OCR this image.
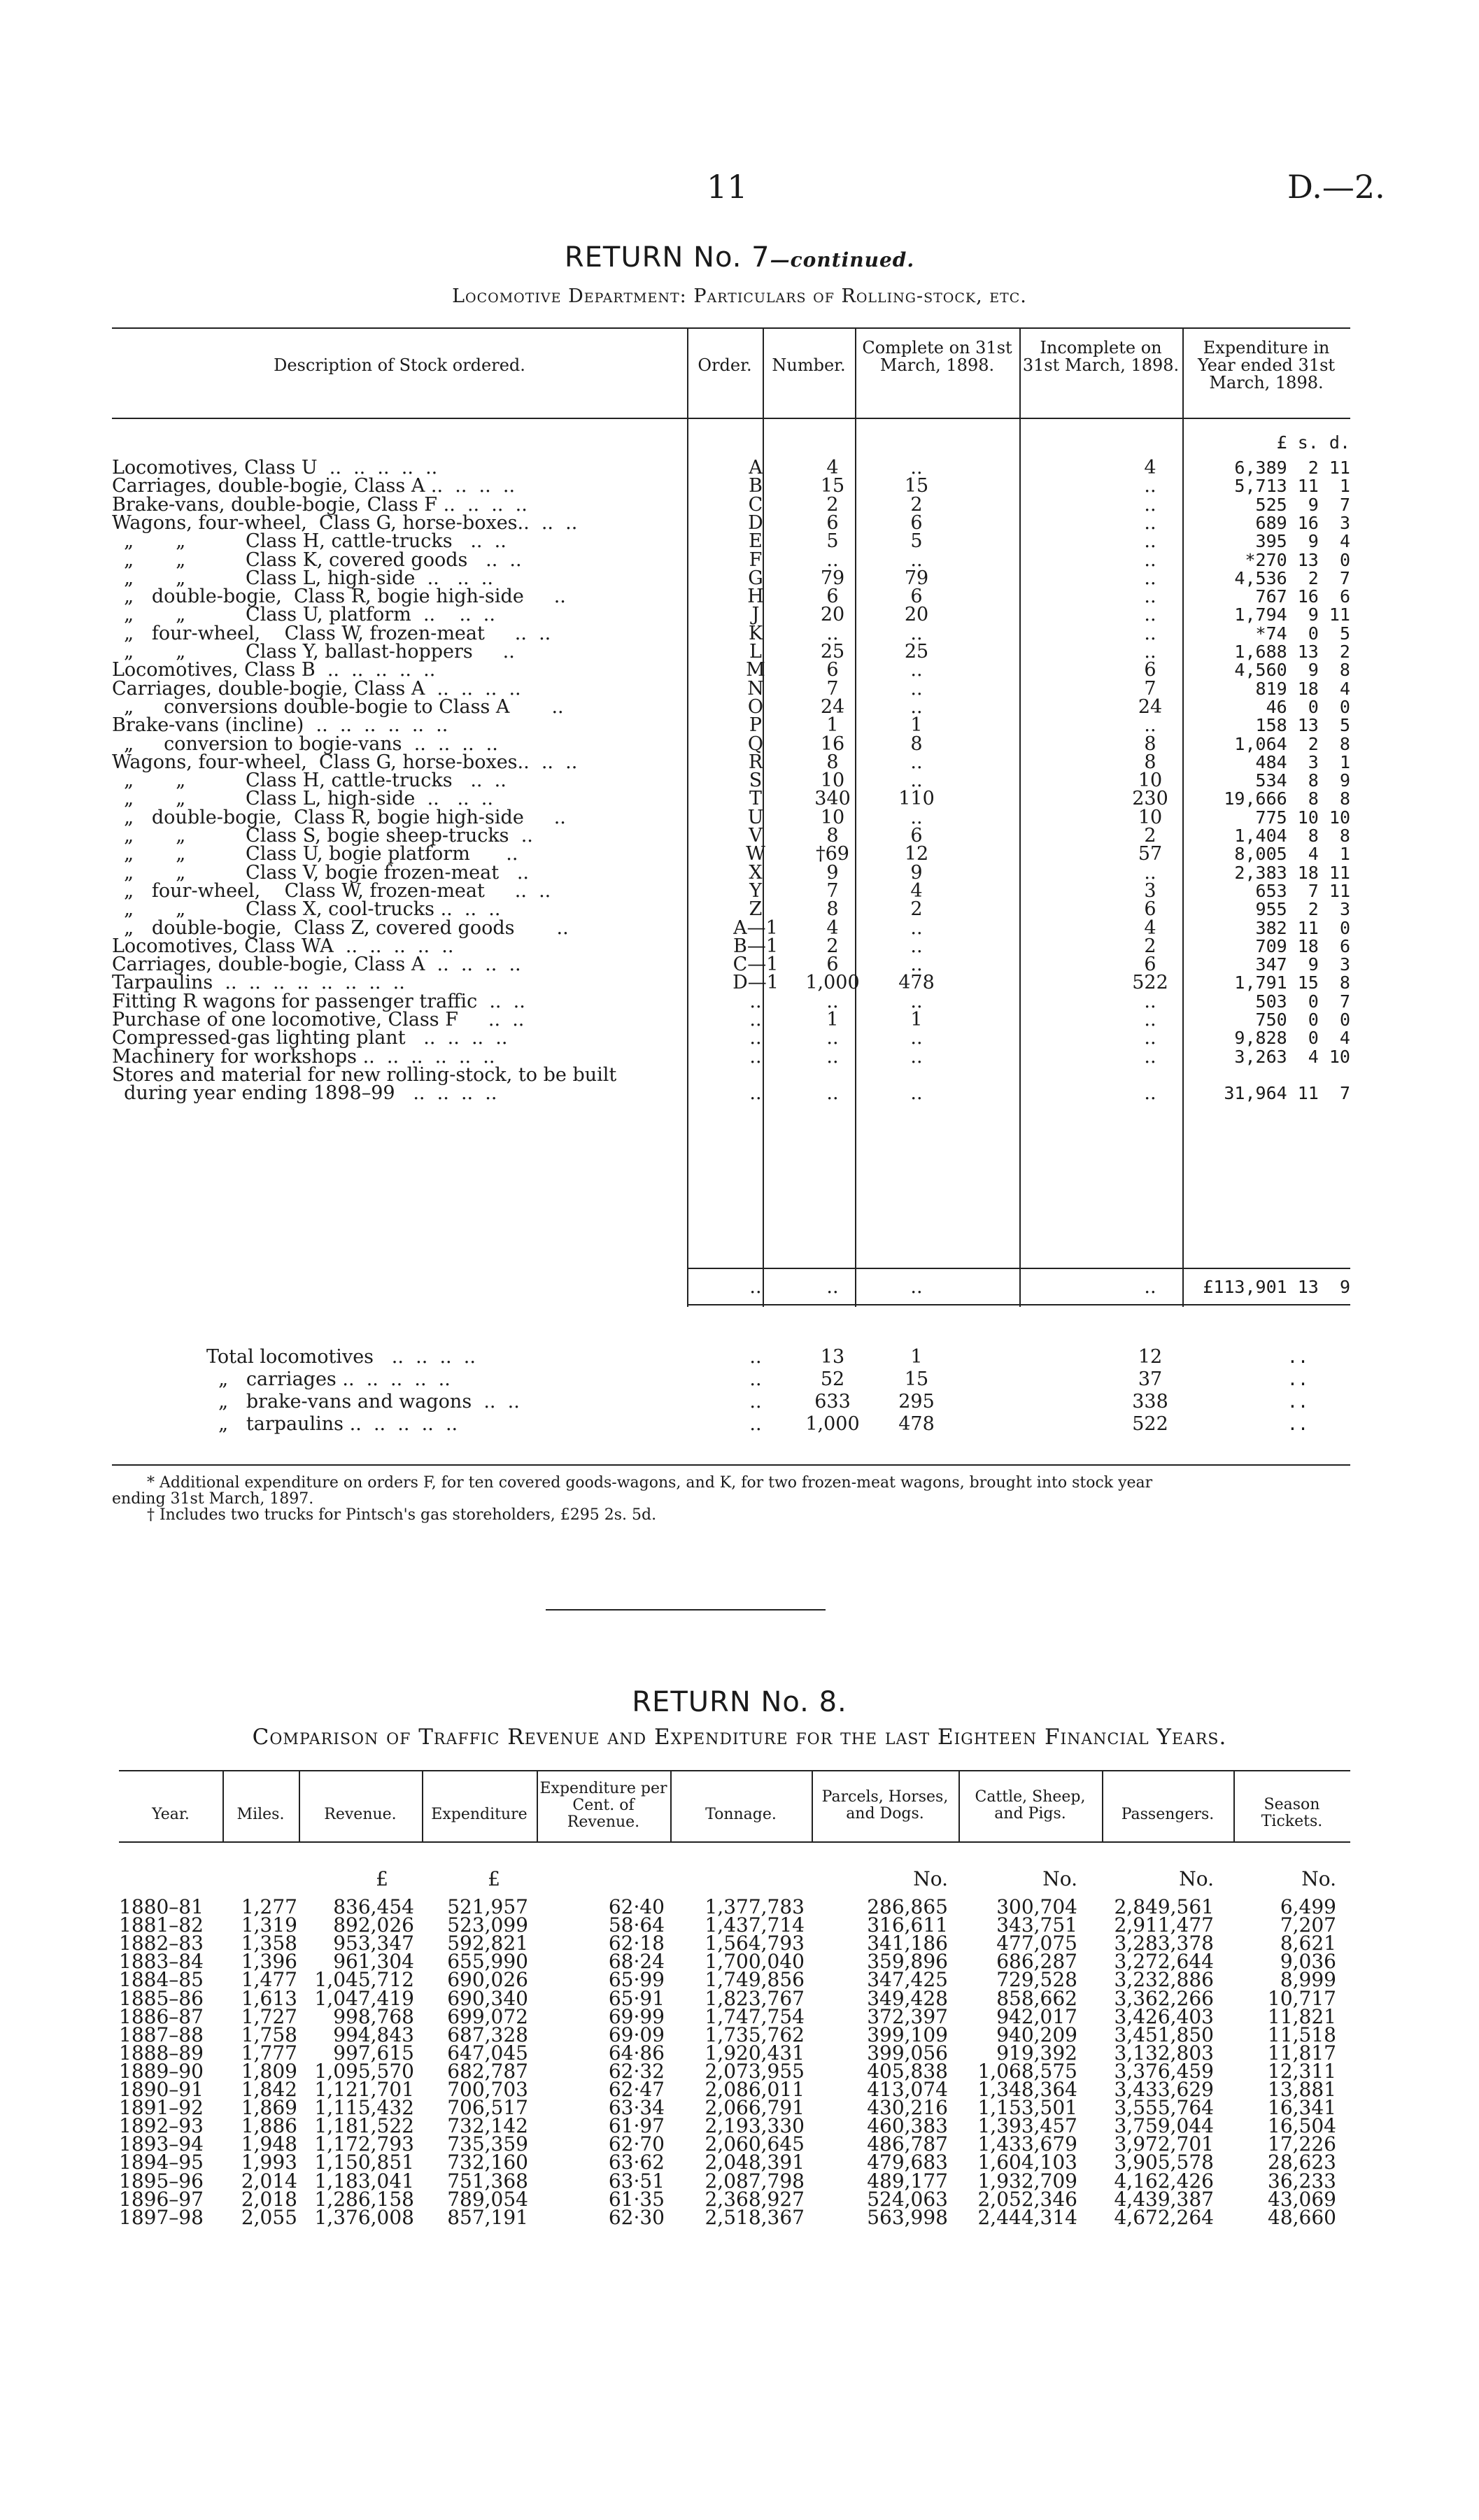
11	D.—2.
RETURN No. 7—continued.
Locomotive Department: Particulars of Rolling-stock, etc.
Description of Stock ordered.	Order.	Number.
Complete on 31st March, 1898.
Incomplete on 31st March, 1898.
Expenditure in Year ended 31st March, 1898.
£ s. d.
Locomotives, Class U  ..  ..  ..  ..  ..	A	4	..	4	6,389  2 11
Carriages, double-bogie, Class A ..  ..  ..  ..	B	15	15	..	5,713 11  1
Brake-vans, double-bogie, Class F ..  ..  ..  ..	C	2	2	..	525  9  7
Wagons, four-wheel,  Class G, horse-boxes..  ..  ..	D	6	6	..	689 16  3
„       „          Class H, cattle-trucks   ..  ..	E	5	5	..	395  9  4
„       „          Class K, covered goods   ..  ..	F	..	..	..	*270 13  0
„       „          Class L, high-side  ..   ..  ..	G	79	79	..	4,536  2  7
„   double-bogie,  Class R, bogie high-side     ..	H	6	6	..	767 16  6
„       „          Class U, platform  ..    ..  ..	J	20	20	..	1,794  9 11
„   four-wheel,    Class W, frozen-meat     ..  ..	K	..	..	..	*74  0  5
„       „          Class Y, ballast-hoppers     ..	L	25	25	..	1,688 13  2
Locomotives, Class B  ..  ..  ..  ..  ..	M	6	..	6	4,560  9  8
Carriages, double-bogie, Class A  ..  ..  ..  ..	N	7	..	7	819 18  4
„     conversions double-bogie to Class A       ..	O	24	..	24	46  0  0
Brake-vans (incline)  ..  ..  ..  ..  ..  ..	P	1	1	..	158 13  5
„     conversion to bogie-vans  ..  ..  ..  ..	Q	16	8	8	1,064  2  8
Wagons, four-wheel,  Class G, horse-boxes..  ..  ..	R	8	..	8	484  3  1
„       „          Class H, cattle-trucks   ..  ..	S	10	..	10	534  8  9
„       „          Class L, high-side  ..   ..  ..	T	340	110	230	19,666  8  8
„   double-bogie,  Class R, bogie high-side     ..	U	10	..	10	775 10 10
„       „          Class S, bogie sheep-trucks  ..	V	8	6	2	1,404  8  8
„       „          Class U, bogie platform      ..	W	†69	12	57	8,005  4  1
„       „          Class V, bogie frozen-meat   ..	X	9	9	..	2,383 18 11
„   four-wheel,    Class W, frozen-meat     ..  ..	Y	7	4	3	653  7 11
„       „          Class X, cool-trucks ..  ..  ..	Z	8	2	6	955  2  3
„   double-bogie,  Class Z, covered goods       ..	A—1	4	..	4	382 11  0
Locomotives, Class WA  ..  ..  ..  ..  ..	B—1	2	..	2	709 18  6
Carriages, double-bogie, Class A  ..  ..  ..  ..	C—1	6	..	6	347  9  3
Tarpaulins  ..  ..  ..  ..  ..  ..  ..  ..	D—1	1,000	478	522	1,791 15  8
Fitting R wagons for passenger traffic  ..  ..	..	..	..	..	503  0  7
Purchase of one locomotive, Class F     ..  ..	..	1	1	..	750  0  0
Compressed-gas lighting plant   ..  ..  ..  ..	..	..	..	..	9,828  0  4
Machinery for workshops ..  ..  ..  ..  ..  ..	..	..	..	..	3,263  4 10
Stores and material for new rolling-stock, to be built
during year ending 1898–99   ..  ..  ..  ..	..	..	..	..	31,964 11  7
..	..	..	..	£113,901 13  9
Total locomotives   ..  ..  ..  ..	..	13	1	12	..
„   carriages ..  ..  ..  ..  ..	..	52	15	37	..
„   brake-vans and wagons  ..  ..	..	633	295	338	..
„   tarpaulins ..  ..  ..  ..  ..	..	1,000	478	522	..
* Additional expenditure on orders F, for ten covered goods-wagons, and K, for two frozen-meat wagons, brought into stock year
ending 31st March, 1897.
† Includes two trucks for Pintsch's gas storeholders, £295 2s. 5d.
RETURN No. 8.
Comparison of Traffic Revenue and Expenditure for the last Eighteen Financial Years.
Year.	Miles.	Revenue.	Expenditure
Expenditure per Cent. of Revenue.	Tonnage.
Parcels, Horses, and Dogs.
Cattle, Sheep, and Pigs.	Passengers.
Season Tickets.
£	£	No.	No.	No.	No.
1880–81 1,277 836,454 521,957	62·40 1,377,783	286,865 300,704 2,849,561	6,499
1881–82 1,319 892,026 523,099	58·64 1,437,714	316,611 343,751 2,911,477	7,207
1882–83 1,358 953,347 592,821	62·18 1,564,793	341,186 477,075 3,283,378	8,621
1883–84 1,396 961,304 655,990	68·24 1,700,040	359,896 686,287 3,272,644	9,036
1884–85 1,477 1,045,712 690,026	65·99 1,749,856	347,425 729,528 3,232,886	8,999
1885–86 1,613 1,047,419 690,340	65·91 1,823,767	349,428 858,662 3,362,266	10,717
1886–87 1,727 998,768 699,072	69·99 1,747,754	372,397 942,017 3,426,403	11,821
1887–88 1,758 994,843 687,328	69·09 1,735,762	399,109 940,209 3,451,850	11,518
1888–89 1,777 997,615 647,045	64·86 1,920,431	399,056 919,392 3,132,803	11,817
1889–90 1,809 1,095,570 682,787	62·32 2,073,955	405,838 1,068,575 3,376,459	12,311
1890–91 1,842 1,121,701 700,703	62·47 2,086,011	413,074 1,348,364 3,433,629	13,881
1891–92 1,869 1,115,432 706,517	63·34 2,066,791	430,216 1,153,501 3,555,764	16,341
1892–93 1,886 1,181,522 732,142	61·97 2,193,330	460,383 1,393,457 3,759,044	16,504
1893–94 1,948 1,172,793 735,359	62·70 2,060,645	486,787 1,433,679 3,972,701	17,226
1894–95 1,993 1,150,851 732,160	63·62 2,048,391	479,683 1,604,103 3,905,578	28,623
1895–96 2,014 1,183,041 751,368	63·51 2,087,798	489,177 1,932,709 4,162,426	36,233
1896–97 2,018 1,286,158 789,054	61·35 2,368,927	524,063 2,052,346 4,439,387	43,069
1897–98 2,055 1,376,008 857,191	62·30 2,518,367	563,998 2,444,314 4,672,264	48,660
